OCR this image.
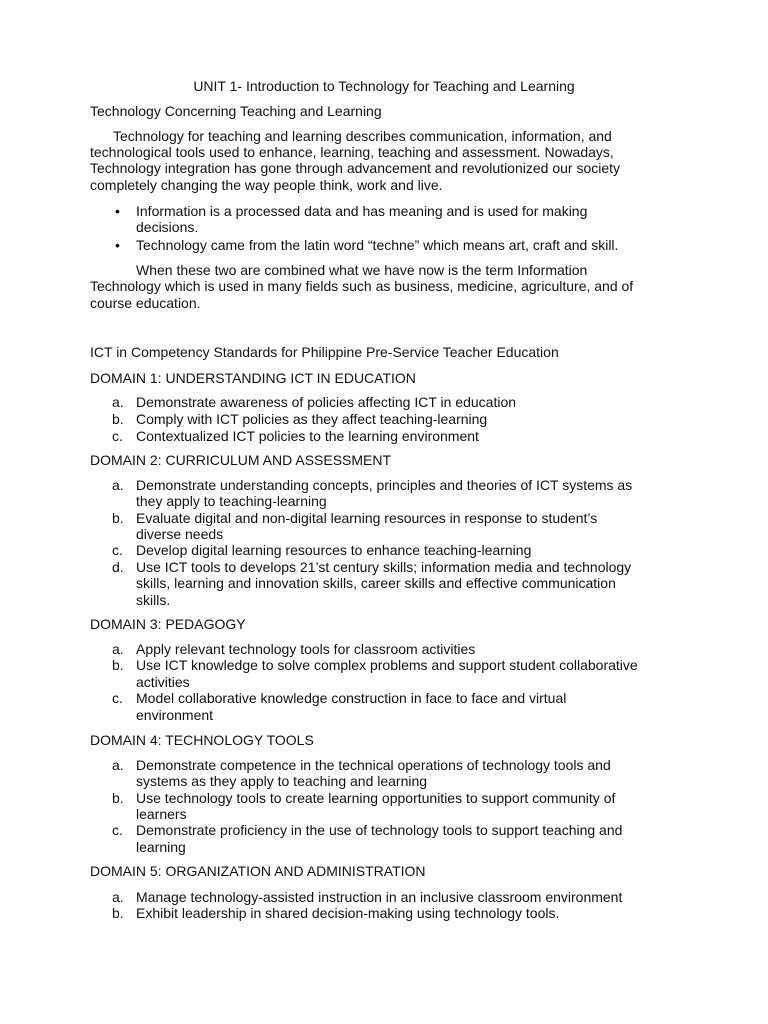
UNIT 1- Introduction to Technology for Teaching and Learning
Technology Concerning Teaching and Learning
Technology for teaching and learning describes communication, information, and
technological tools used to enhance, learning, teaching and assessment. Nowadays,
Technology integration has gone through advancement and revolutionized our society
completely changing the way people think, work and live.
• Information is a processed data and has meaning and is used for making
decisions.
• Technology came from the latin word “techne” which means art, craft and skill.
When these two are combined what we have now is the term Information
Technology which is used in many fields such as business, medicine, agriculture, and of
course education.
ICT in Competency Standards for Philippine Pre-Service Teacher Education
DOMAIN 1: UNDERSTANDING ICT IN EDUCATION
a. Demonstrate awareness of policies affecting ICT in education
b. Comply with ICT policies as they affect teaching-learning
c. Contextualized ICT policies to the learning environment
DOMAIN 2: CURRICULUM AND ASSESSMENT
a. Demonstrate understanding concepts, principles and theories of ICT systems as
they apply to teaching-learning
b. Evaluate digital and non-digital learning resources in response to student’s
diverse needs
c. Develop digital learning resources to enhance teaching-learning
d. Use ICT tools to develops 21’st century skills; information media and technology
skills, learning and innovation skills, career skills and effective communication
skills.
DOMAIN 3: PEDAGOGY
a. Apply relevant technology tools for classroom activities
b. Use ICT knowledge to solve complex problems and support student collaborative
activities
c. Model collaborative knowledge construction in face to face and virtual
environment
DOMAIN 4: TECHNOLOGY TOOLS
a. Demonstrate competence in the technical operations of technology tools and
systems as they apply to teaching and learning
b. Use technology tools to create learning opportunities to support community of
learners
c. Demonstrate proficiency in the use of technology tools to support teaching and
learning
DOMAIN 5: ORGANIZATION AND ADMINISTRATION
a. Manage technology-assisted instruction in an inclusive classroom environment
b. Exhibit leadership in shared decision-making using technology tools.
